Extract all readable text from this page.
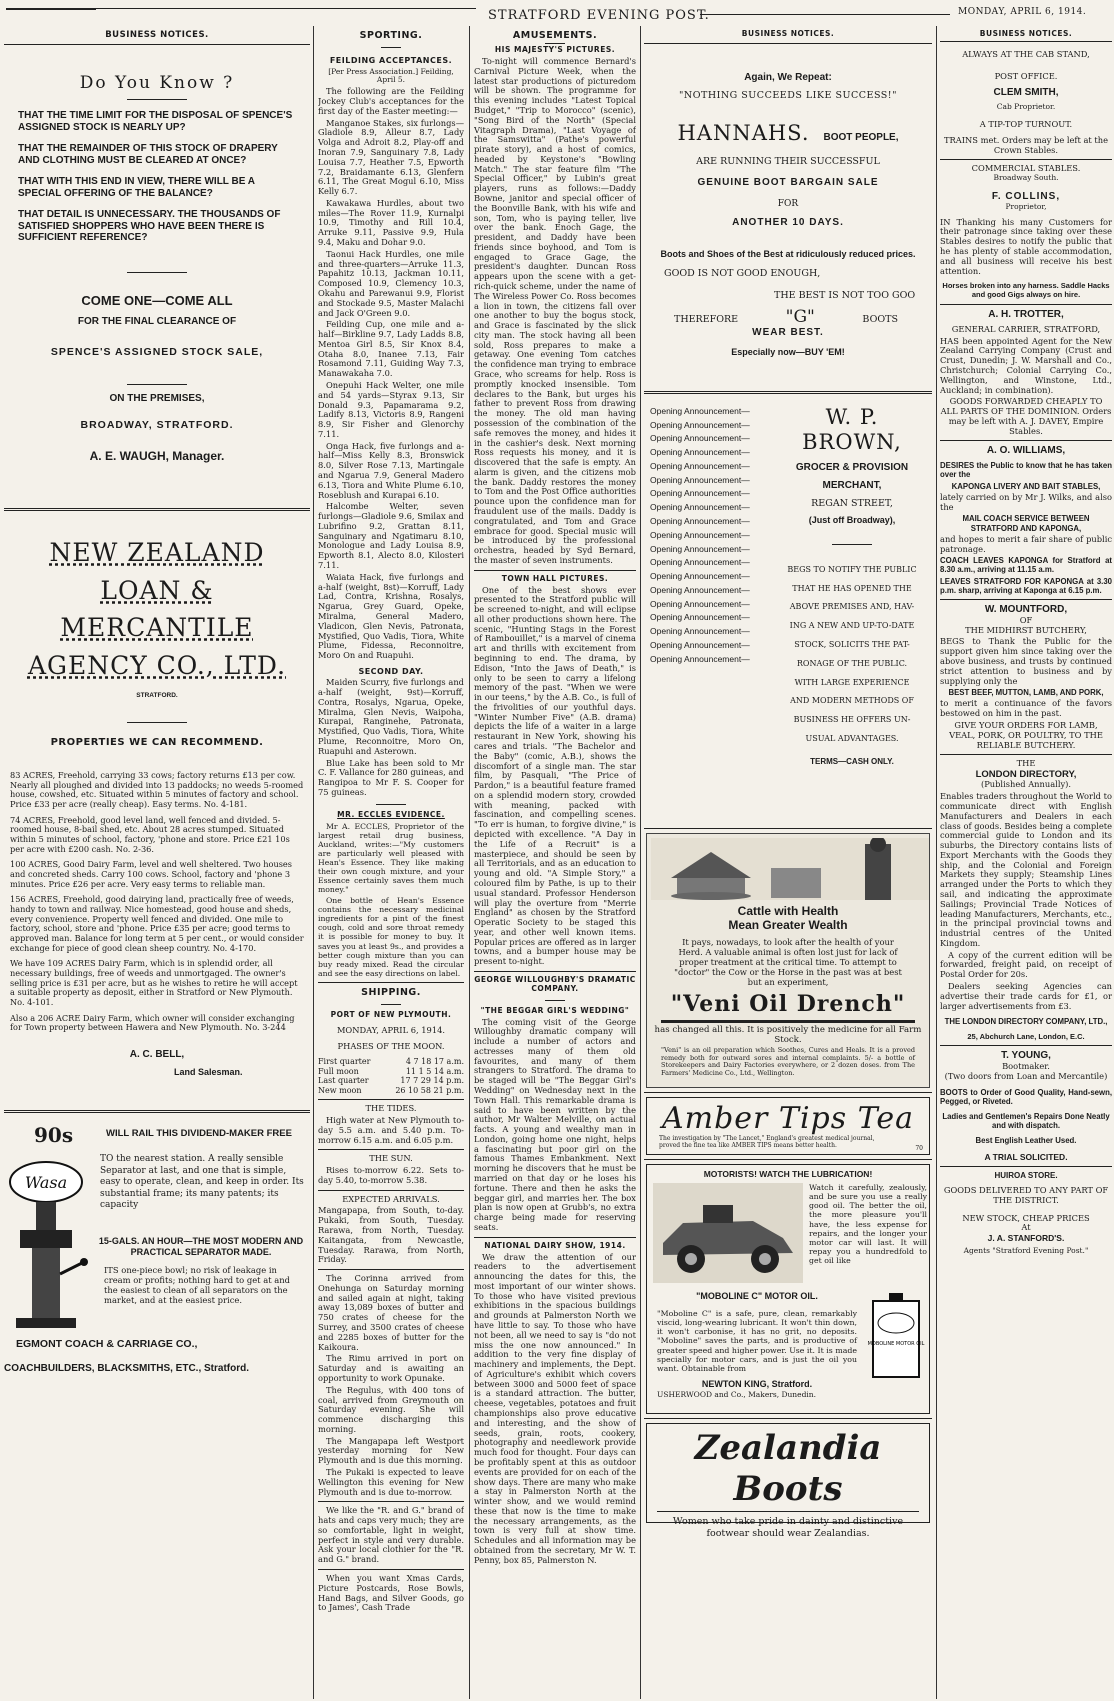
STRATFORD EVENING POST.	MONDAY, APRIL 6, 1914.
BUSINESS NOTICES.
Do You Know ?
THAT THE TIME LIMIT FOR THE DISPOSAL OF SPENCE'S ASSIGNED STOCK IS NEARLY UP?
THAT THE REMAINDER OF THIS STOCK OF DRAPERY AND CLOTHING MUST BE CLEARED AT ONCE?
THAT WITH THIS END IN VIEW, THERE WILL BE A SPECIAL OFFERING OF THE BALANCE?
THAT DETAIL IS UNNECESSARY. THE THOUSANDS OF SATISFIED SHOPPERS WHO HAVE BEEN THERE IS SUFFICIENT REFERENCE?
COME ONE—COME ALL
FOR THE FINAL CLEARANCE OF
SPENCE'S ASSIGNED STOCK SALE,
ON THE PREMISES,
BROADWAY, STRATFORD.
A. E. WAUGH, Manager.
NEW ZEALAND
LOAN & MERCANTILE
AGENCY CO., LTD.
STRATFORD.
PROPERTIES WE CAN RECOMMEND.
83 ACRES, Freehold, carrying 33 cows; factory returns £13 per cow. Nearly all ploughed and divided into 13 paddocks; no weeds 5-roomed house, cowshed, etc. Situated within 5 minutes of factory and school. Price £33 per acre (really cheap). Easy terms. No. 4-181.
74 ACRES, Freehold, good level land, well fenced and divided. 5-roomed house, 8-bail shed, etc. About 28 acres stumped. Situated within 5 minutes of school, factory, 'phone and store. Price £21 10s per acre with £200 cash. No. 2-36.
100 ACRES, Good Dairy Farm, level and well sheltered. Two houses and concreted sheds. Carry 100 cows. School, factory and 'phone 3 minutes. Price £26 per acre. Very easy terms to reliable man.
156 ACRES, Freehold, good dairying land, practically free of weeds, handy to town and railway. Nice homestead, good house and sheds, every convenience. Property well fenced and divided. One mile to factory, school, store and 'phone. Price £35 per acre; good terms to approved man. Balance for long term at 5 per cent., or would consider exchange for piece of good clean sheep country. No. 4-170.
We have 109 ACRES Dairy Farm, which is in splendid order, all necessary buildings, free of weeds and unmortgaged. The owner's selling price is £31 per acre, but as he wishes to retire he will accept a suitable property as deposit, either in Stratford or New Plymouth. No. 4-101.
Also a 206 ACRE Dairy Farm, which owner will consider exchanging for Town property between Hawera and New Plymouth. No. 3-244
A. C. BELL,
Land Salesman.
90s	WILL RAIL THIS DIVIDEND-MAKER FREE
Wasa
TO the nearest station. A really sensible Separator at last, and one that is simple, easy to operate, clean, and keep in order. Its substantial frame; its many patents; its capacity
15-GALS. AN HOUR—THE MOST MODERN AND PRACTICAL SEPARATOR MADE.
ITS one-piece bowl; no risk of leakage in cream or profits; nothing hard to get at and the easiest to clean of all separators on the market, and at the easiest price.
EGMONT COACH & CARRIAGE CO.,
COACHBUILDERS, BLACKSMITHS, ETC., Stratford.
SPORTING.
FEILDING ACCEPTANCES.

[Per Press Association.] Feilding, April 5.

The following are the Feilding Jockey Club's acceptances for the first day of the Easter meeting:—

Manganoe Stakes, six furlongs—Gladiole 8.9, Alleur 8.7, Lady Volga and Adroit 8.2, Play-off and Inoran 7.9, Sanguinary 7.8, Lady Louisa 7.7, Heather 7.5, Epworth 7.2, Braidamante 6.13, Glenfern 6.11, The Great Mogul 6.10, Miss Kelly 6.7.

Kawakawa Hurdles, about two miles—The Rover 11.9, Kurnalpi 10.9, Timothy and Rill 10.4, Arruke 9.11, Passive 9.9, Hula 9.4, Maku and Dohar 9.0.

Taonui Hack Hurdles, one mile and three-quarters—Arruke 11.3, Papahitz 10.13, Jackman 10.11, Composed 10.9, Clemency 10.3, Okahu and Parewanui 9.9, Florist and Stockade 9.5, Master Malachi and Jack O'Green 9.0.

Feilding Cup, one mile and a-half—Birkline 9.7, Lady Ladds 8.8, Mentoa Girl 8.5, Sir Knox 8.4, Otaha 8.0, Inanee 7.13, Fair Rosamond 7.11, Guiding Way 7.3, Manawakaha 7.0.

Onepuhi Hack Welter, one mile and 54 yards—Styrax 9.13, Sir Donald 9.3, Papamarama 9.2, Ladify 8.13, Victoris 8.9, Rangeni 8.9, Sir Fisher and Glenorchy 7.11.

Onga Hack, five furlongs and a-half—Miss Kelly 8.3, Bronswick 8.0, Silver Rose 7.13, Martingale and Ngarua 7.9, General Madero 6.13, Tiora and White Plume 6.10, Roseblush and Kurapai 6.10.

Halcombe Welter, seven furlongs—Gladiole 9.6, Smilax and Lubrifino 9.2, Grattan 8.11, Sanguinary and Ngatimaru 8.10, Monologue and Lady Louisa 8.9, Epworth 8.1, Alecto 8.0, Kilosteri 7.11.

Waiata Hack, five furlongs and a-half (weight, 8st)—Korruff, Lady Lad, Contra, Krishna, Rosalys, Ngarua, Grey Guard, Opeke, Miralma, General Madero, Vladicon, Glen Nevis, Patronata, Mystified, Quo Vadis, Tiora, White Plume, Fidessa, Reconnoitre, Moro On and Ruapuhi.

SECOND DAY.

Maiden Scurry, five furlongs and a-half (weight, 9st)—Korruff, Contra, Rosalys, Ngarua, Opeke, Miralma, Glen Nevis, Waipoha, Kurapai, Ranginehe, Patronata, Mystified, Quo Vadis, Tiora, White Plume, Reconnoitre, Moro On, Ruapuhi and Asterown.

Blue Lake has been sold to Mr C. F. Vallance for 280 guineas, and Rangipoa to Mr F. S. Cooper for 75 guineas.

MR. ECCLES EVIDENCE.

Mr A. ECCLES, Proprietor of the largest retail drug business, Auckland, writes:—"My customers are particularly well pleased with Hean's Essence. They like making their own cough mixture, and your Essence certainly saves them much money."

One bottle of Hean's Essence contains the necessary medicinal ingredients for a pint of the finest cough, cold and sore throat remedy it is possible for money to buy. It saves you at least 9s., and provides a better cough mixture than you can buy ready mixed. Read the circular and see the easy directions on label.

SHIPPING.
PORT OF NEW PLYMOUTH.
MONDAY, APRIL 6, 1914.
PHASES OF THE MOON.
First quarter	4 7 18 17 a.m.
Full moon	11 1 5 14 a.m.
Last quarter	17 7 29 14 p.m.
New moon	26 10 58 21 p.m.
THE TIDES.

High water at New Plymouth to-day 5.5 a.m. and 5.40 p.m. To-morrow 6.15 a.m. and 6.05 p.m.

THE SUN.

Rises to-morrow 6.22. Sets to-day 5.40, to-morrow 5.38.

EXPECTED ARRIVALS.

Mangapapa, from South, to-day. Pukaki, from South, Tuesday. Rarawa, from North, Tuesday. Kaitangata, from Newcastle, Tuesday. Rarawa, from North, Friday.

The Corinna arrived from Onehunga on Saturday morning and sailed again at night, taking away 13,089 boxes of butter and 750 crates of cheese for the Surrey, and 3500 crates of cheese and 2285 boxes of butter for the Kaikoura.

The Rimu arrived in port on Saturday and is awaiting an opportunity to work Opunake.

The Regulus, with 400 tons of coal, arrived from Greymouth on Saturday evening. She will commence discharging this morning.

The Mangapapa left Westport yesterday morning for New Plymouth and is due this morning.

The Pukaki is expected to leave Wellington this evening for New Plymouth and is due to-morrow.

We like the "R. and G." brand of hats and caps very much; they are so comfortable, light in weight, perfect in style and very durable. Ask your local clothier for the "R. and G." brand.

When you want Xmas Cards, Picture Postcards, Rose Bowls, Hand Bags, and Silver Goods, go to James', Cash Trade

AMUSEMENTS.
HIS MAJESTY'S PICTURES.

To-night will commence Bernard's Carnival Picture Week, when the latest star productions of picturedom will be shown. The programme for this evening includes "Latest Topical Budget," "Trip to Morocco" (scenic), "Song Bird of the North" (Special Vitagraph Drama), "Last Voyage of the Samswitta" (Pathe's powerful pirate story), and a host of comics, headed by Keystone's "Bowling Match." The star feature film "The Special Officer," by Lubin's great players, runs as follows:—Daddy Bowne, janitor and special officer of the Boonville Bank, with his wife and son, Tom, who is paying teller, live over the bank. Enoch Gage, the president, and Daddy have been friends since boyhood, and Tom is engaged to Grace Gage, the president's daughter. Duncan Ross appears upon the scene with a get-rich-quick scheme, under the name of The Wireless Power Co. Ross becomes a lion in town, the citizens fall over one another to buy the bogus stock, and Grace is fascinated by the slick city man. The stock having all been sold, Ross prepares to make a getaway. One evening Tom catches the confidence man trying to embrace Grace, who screams for help. Ross is promptly knocked insensible. Tom declares to the Bank, but urges his father to prevent Ross from drawing the money. The old man having possession of the combination of the safe removes the money, and hides it in the cashier's desk. Next morning Ross requests his money, and it is discovered that the safe is empty. An alarm is given, and the citizens mob the bank. Daddy restores the money to Tom and the Post Office authorities pounce upon the confidence man for fraudulent use of the mails. Daddy is congratulated, and Tom and Grace embrace for good. Special music will be introduced by the professional orchestra, headed by Syd Bernard, the master of seven instruments.

TOWN HALL PICTURES.

One of the best shows ever presented to the Stratford public will be screened to-night, and will eclipse all other productions shown here. The scenic, "Hunting Stags in the Forest of Rambouillet," is a marvel of cinema art and thrills with excitement from beginning to end. The drama, by Edison, "Into the Jaws of Death," is only to be seen to carry a lifelong memory of the past. "When we were in our teens," by the A.B. Co., is full of the frivolities of our youthful days. "Winter Number Five" (A.B. drama) depicts the life of a waiter in a large restaurant in New York, showing his cares and trials. "The Bachelor and the Baby" (comic, A.B.), shows the discomfort of a single man. The star film, by Pasquali, "The Price of Pardon," is a beautiful feature framed on a splendid modern story, crowded with meaning, packed with fascination, and compelling scenes. "To err is human, to forgive divine," is depicted with excellence. "A Day in the Life of a Recruit" is a masterpiece, and should be seen by all Territorials, and as an education to young and old. "A Simple Story," a coloured film by Pathe, is up to their usual standard. Professor Henderson will play the overture from "Merrie England" as chosen by the Stratford Operatic Society to be staged this year, and other well known items. Popular prices are offered as in larger towns, and a bumper house may be present to-night.

GEORGE WILLOUGHBY'S DRAMATIC COMPANY.
"THE BEGGAR GIRL'S WEDDING"

The coming visit of the George Willoughby dramatic company will include a number of actors and actresses many of them old favourites, and many of them strangers to Stratford. The drama to be staged will be "The Beggar Girl's Wedding" on Wednesday next in the Town Hall. This remarkable drama is said to have been written by the author, Mr Walter Melville, on actual facts. A young and wealthy man in London, going home one night, helps a fascinating but poor girl on the famous Thames Embankment. Next morning he discovers that he must be married on that day or he loses his fortune. There and then he asks the beggar girl, and marries her. The box plan is now open at Grubb's, no extra charge being made for reserving seats.

NATIONAL DAIRY SHOW, 1914.

We draw the attention of our readers to the advertisement announcing the dates for this, the most important of our winter shows. To those who have visited previous exhibitions in the spacious buildings and grounds at Palmerston North we have little to say. To those who have not been, all we need to say is "do not miss the one now announced." In addition to the very fine display of machinery and implements, the Dept. of Agriculture's exhibit which covers between 3000 and 5000 feet of space is a standard attraction. The butter, cheese, vegetables, potatoes and fruit championships also prove educative and interesting, and the show of seeds, grain, roots, cookery, photography and needlework provide much food for thought. Four days can be profitably spent at this as outdoor events are provided for on each of the show days. There are many who make a stay in Palmerston North at the winter show, and we would remind these that now is the time to make the necessary arrangements, as the town is very full at show time. Schedules and all information may be obtained from the secretary, Mr W. T. Penny, box 85, Palmerston N.

BUSINESS NOTICES.
Again, We Repeat:
"NOTHING SUCCEEDS LIKE SUCCESS!"
HANNAHS. BOOT PEOPLE,
ARE RUNNING THEIR SUCCESSFUL
GENUINE BOOT BARGAIN SALE
FOR
ANOTHER 10 DAYS.
Boots and Shoes of the Best at ridiculously reduced prices.
GOOD IS NOT GOOD ENOUGH,
THE BEST IS NOT TOO GOO
THEREFORE	"G"	BOOTS
WEAR BEST.
Especially now—BUY 'EM!
Opening Announcement—
Opening Announcement—
Opening Announcement—
Opening Announcement—
Opening Announcement—
Opening Announcement—
Opening Announcement—
Opening Announcement—
Opening Announcement—
Opening Announcement—
Opening Announcement—
Opening Announcement—
Opening Announcement—
Opening Announcement—
Opening Announcement—
Opening Announcement—
Opening Announcement—
Opening Announcement—
Opening Announcement—
W. P. BROWN,
GROCER & PROVISION
MERCHANT,
REGAN STREET,
(Just off Broadway),
BEGS TO NOTIFY THE PUBLIC
THAT HE HAS OPENED THE
ABOVE PREMISES AND, HAV-
ING A NEW AND UP-TO-DATE
STOCK, SOLICITS THE PAT-
RONAGE OF THE PUBLIC.
WITH LARGE EXPERIENCE
AND MODERN METHODS OF
BUSINESS HE OFFERS UN-
USUAL ADVANTAGES.
TERMS—CASH ONLY.
Cattle with Health
Mean Greater Wealth

It pays, nowadays, to look after the health of your Herd. A valuable animal is often lost just for lack of proper treatment at the critical time. To attempt to "doctor" the Cow or the Horse in the past was at best but an experiment,

"Veni Oil Drench"

has changed all this. It is positively the medicine for all Farm Stock.

"Veni" is an oil preparation which Soothes, Cures and Heals. It is a proved remedy both for outward sores and internal complaints. 5/- a bottle of Storekeepers and Dairy Factories everywhere, or 2 dozen doses. from The Farmers' Medicine Co., Ltd., Wellington.

Amber Tips Tea
The investigation by "The Lancet," England's greatest medical journal, proved the fine tea like AMBER TIPS means better health.	70
MOTORISTS! WATCH THE LUBRICATION!

Watch it carefully, zealously, and be sure you use a really good oil. The better the oil, the more pleasure you'll have, the less expense for repairs, and the longer your motor car will last. It will repay you a hundredfold to get oil like

"MOBOLINE C" MOTOR OIL.

"Moboline C" is a safe, pure, clean, remarkably viscid, long-wearing lubricant. It won't thin down, it won't carbonise, it has no grit, no deposits. "Moboline" saves the parts, and is productive of greater speed and higher power. Use it. It is made specially for motor cars, and is just the oil you want. Obtainable from

MOBOLINE MOTOR OIL
NEWTON KING, Stratford.
USHERWOOD and Co., Makers, Dunedin.
Zealandia Boots
Women who take pride in dainty and distinctive footwear should wear Zealandias.
BUSINESS NOTICES.
ALWAYS AT THE CAB STAND,
POST OFFICE.
CLEM SMITH,
Cab Proprietor.
A TIP-TOP TURNOUT.

TRAINS met. Orders may be left at the Crown Stables.

COMMERCIAL STABLES.
Broadway South.
F. COLLINS,
Proprietor,

IN Thanking his many Customers for their patronage since taking over these Stables desires to notify the public that he has plenty of stable accommodation, and all business will receive his best attention.

Horses broken into any harness. Saddle Hacks and good Gigs always on hire.

A. H. TROTTER,
GENERAL CARRIER, STRATFORD,

HAS been appointed Agent for the New Zealand Carrying Company (Crust and Crust, Dunedin; J. W. Marshall and Co., Christchurch; Colonial Carrying Co., Wellington, and Winstone, Ltd., Auckland; in combination).

GOODS FORWARDED CHEAPLY TO ALL PARTS OF THE DOMINION. Orders may be left with A. J. DAVEY, Empire Stables.

A. O. WILLIAMS,

DESIRES the Public to know that he has taken over the

KAPONGA LIVERY AND BAIT STABLES,

lately carried on by Mr J. Wilks, and also the

MAIL COACH SERVICE BETWEEN STRATFORD AND KAPONGA,

and hopes to merit a fair share of public patronage.

COACH LEAVES KAPONGA for Stratford at 8.30 a.m., arriving at 11.15 a.m.

LEAVES STRATFORD FOR KAPONGA at 3.30 p.m. sharp, arriving at Kaponga at 6.15 p.m.

W. MOUNTFORD,
OF
THE MIDHIRST BUTCHERY,

BEGS to Thank the Public for the support given him since taking over the above business, and trusts by continued strict attention to business and by supplying only the

BEST BEEF, MUTTON, LAMB, AND PORK,

to merit a continuance of the favors bestowed on him in the past.

GIVE YOUR ORDERS FOR LAMB, VEAL, PORK, OR POULTRY, TO THE RELIABLE BUTCHERY.

THE
LONDON DIRECTORY,
(Published Annually).

Enables traders throughout the World to communicate direct with English Manufacturers and Dealers in each class of goods. Besides being a complete commercial guide to London and its suburbs, the Directory contains lists of Export Merchants with the Goods they ship, and the Colonial and Foreign Markets they supply; Steamship Lines arranged under the Ports to which they sail, and indicating the approximate Sailings; Provincial Trade Notices of leading Manufacturers, Merchants, etc., in the principal provincial towns and industrial centres of the United Kingdom.

A copy of the current edition will be forwarded, freight paid, on receipt of Postal Order for 20s.

Dealers seeking Agencies can advertise their trade cards for £1, or larger advertisements from £3.

THE LONDON DIRECTORY COMPANY, LTD.,
25, Abchurch Lane, London, E.C.
T. YOUNG,
Bootmaker.
(Two doors from Loan and Mercantile)

BOOTS to Order of Good Quality, Hand-sewn, Pegged, or Riveted.

Ladies and Gentlemen's Repairs Done Neatly and with dispatch.

Best English Leather Used.
A TRIAL SOLICITED.
HUIROA STORE.

GOODS DELIVERED TO ANY PART OF THE DISTRICT.

NEW STOCK, CHEAP PRICES
At
J. A. STANFORD'S.
Agents "Stratford Evening Post."
